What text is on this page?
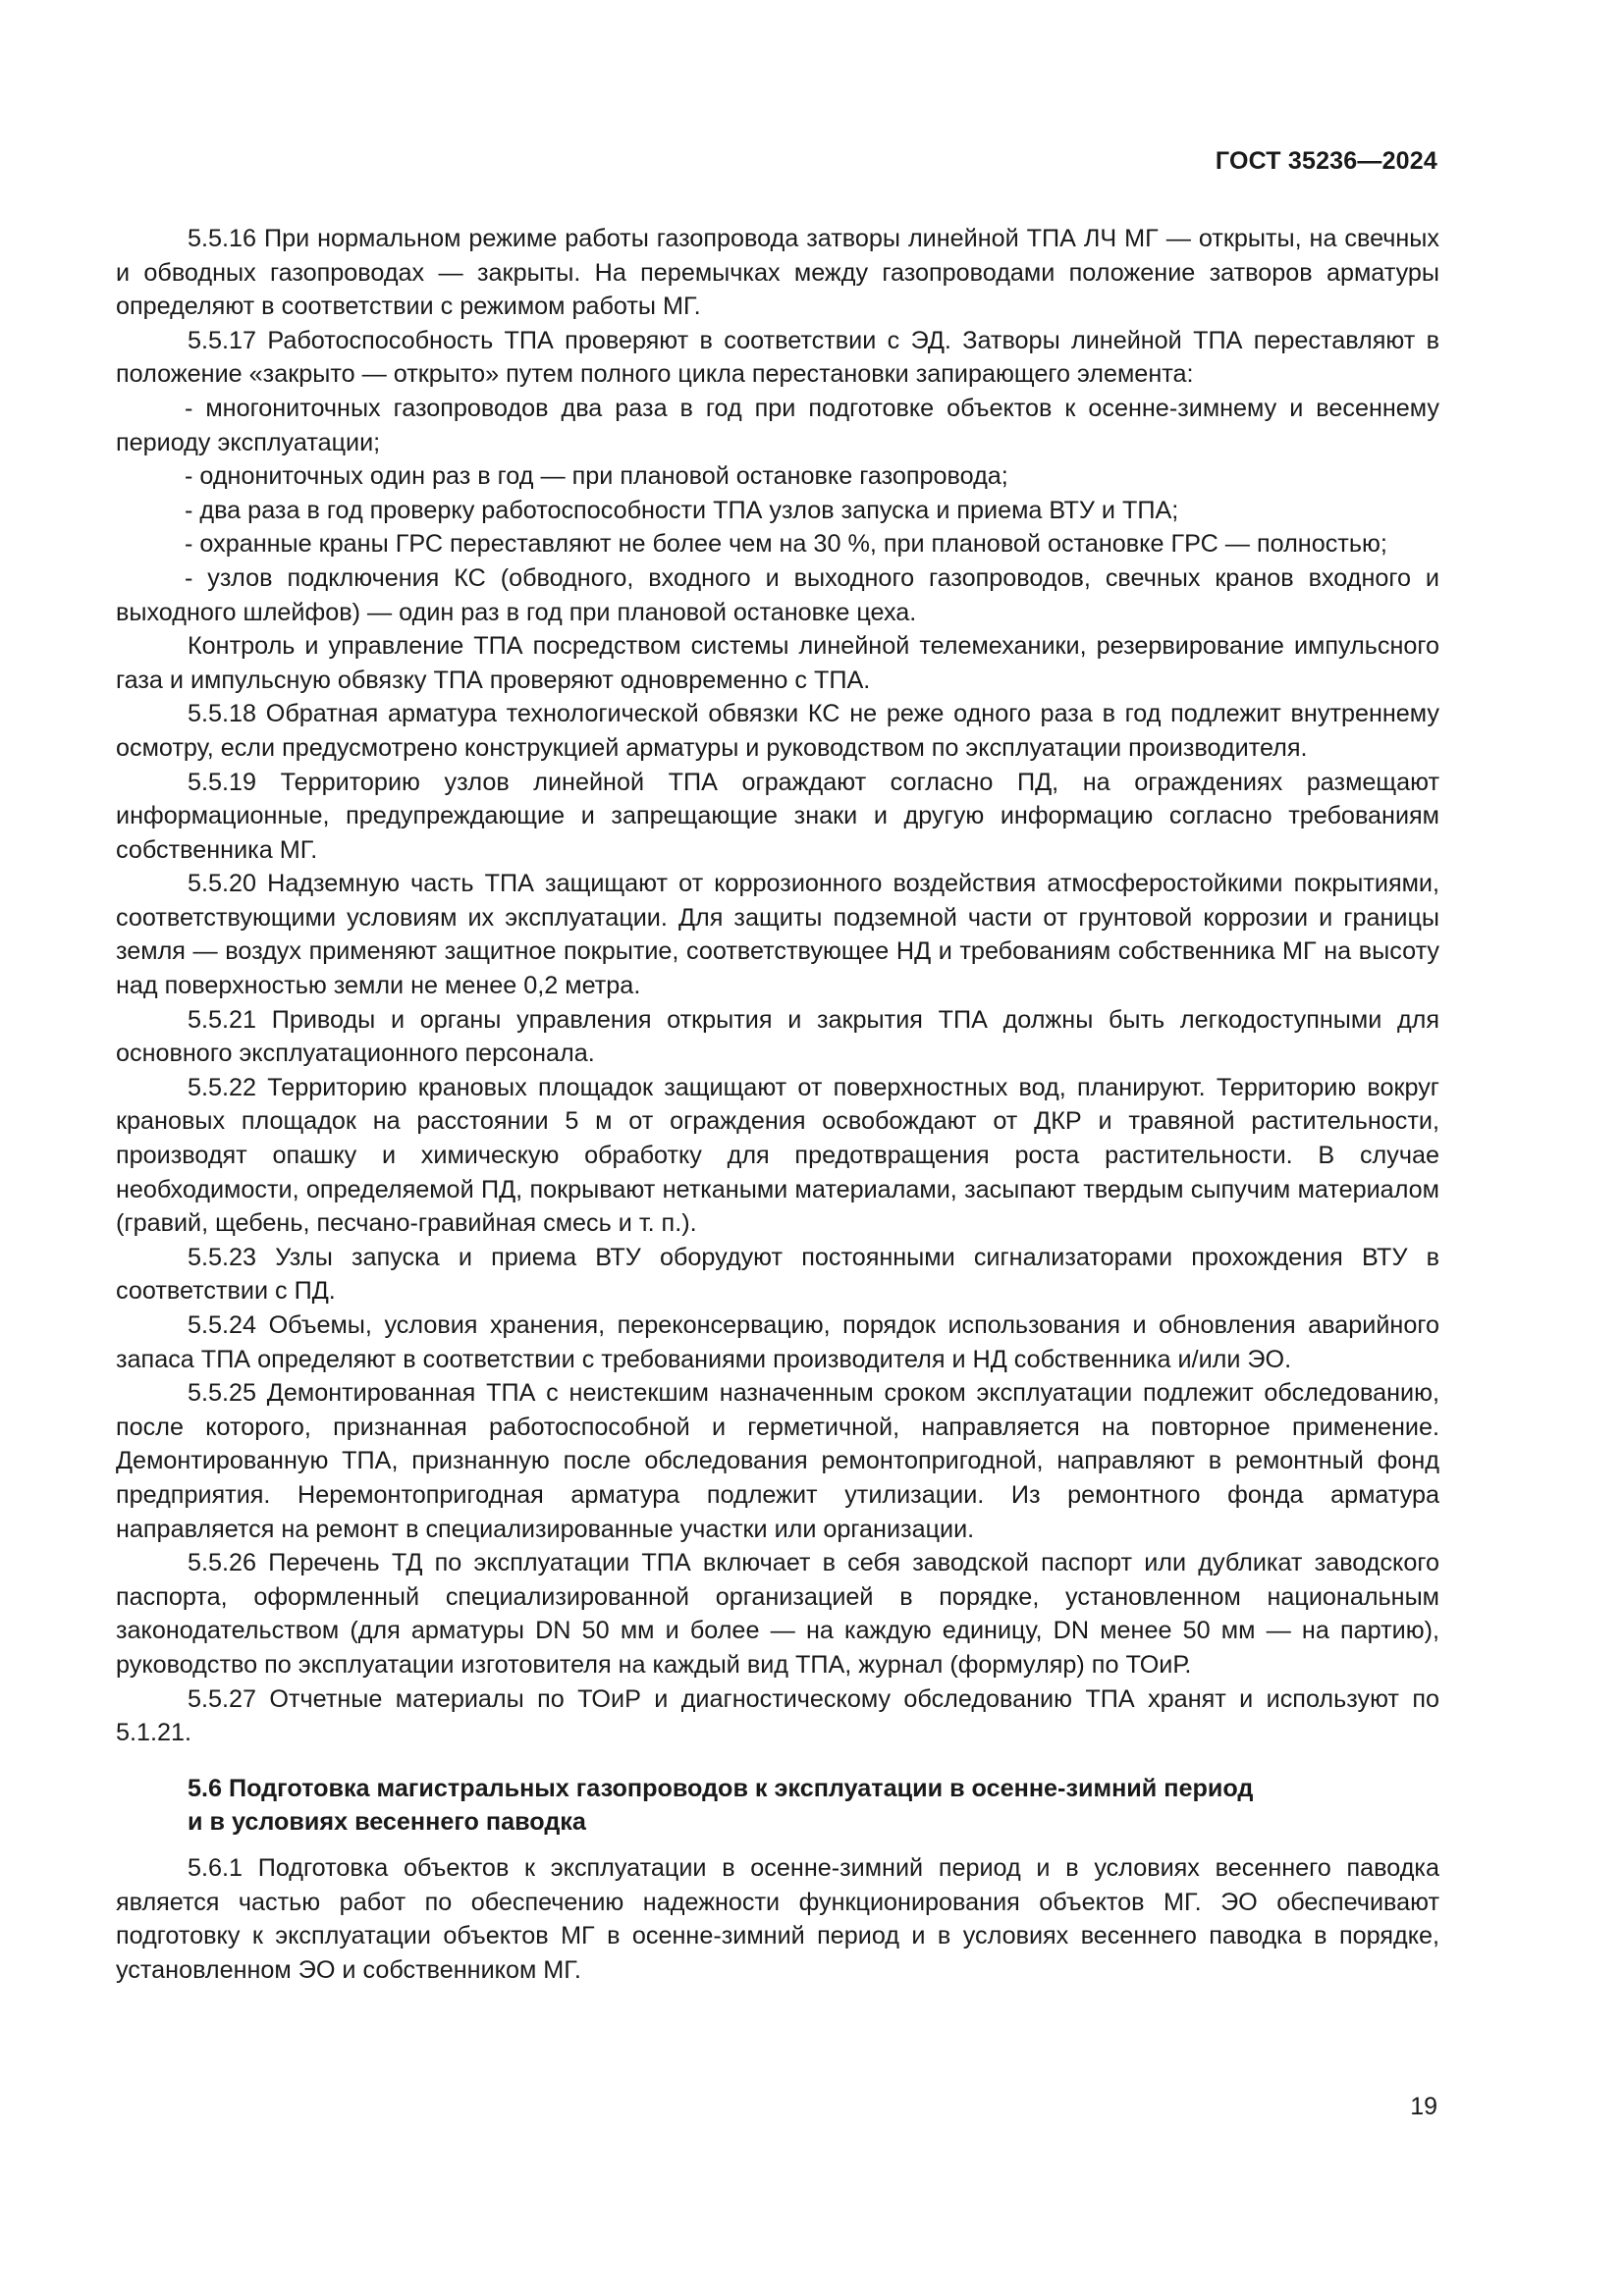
ГОСТ 35236—2024

5.5.16 При нормальном режиме работы газопровода затворы линейной ТПА ЛЧ МГ — открыты, на свечных и обводных газопроводах — закрыты. На перемычках между газопроводами положение затворов арматуры определяют в соответствии с режимом работы МГ.

5.5.17 Работоспособность ТПА проверяют в соответствии с ЭД. Затворы линейной ТПА переставляют в положение «закрыто — открыто» путем полного цикла перестановки запирающего элемента:

- многониточных газопроводов два раза в год при подготовке объектов к осенне-зимнему и весеннему периоду эксплуатации;

- однониточных один раз в год — при плановой остановке газопровода;

- два раза в год проверку работоспособности ТПА узлов запуска и приема ВТУ и ТПА;

- охранные краны ГРС переставляют не более чем на 30 %, при плановой остановке ГРС — полностью;

- узлов подключения КС (обводного, входного и выходного газопроводов, свечных кранов входного и выходного шлейфов) — один раз в год при плановой остановке цеха.

Контроль и управление ТПА посредством системы линейной телемеханики, резервирование импульсного газа и импульсную обвязку ТПА проверяют одновременно с ТПА.

5.5.18 Обратная арматура технологической обвязки КС не реже одного раза в год подлежит внутреннему осмотру, если предусмотрено конструкцией арматуры и руководством по эксплуатации производителя.

5.5.19 Территорию узлов линейной ТПА ограждают согласно ПД, на ограждениях размещают информационные, предупреждающие и запрещающие знаки и другую информацию согласно требованиям собственника МГ.

5.5.20 Надземную часть ТПА защищают от коррозионного воздействия атмосферостойкими покрытиями, соответствующими условиям их эксплуатации. Для защиты подземной части от грунтовой коррозии и границы земля — воздух применяют защитное покрытие, соответствующее НД и требованиям собственника МГ на высоту над поверхностью земли не менее 0,2 метра.

5.5.21 Приводы и органы управления открытия и закрытия ТПА должны быть легкодоступными для основного эксплуатационного персонала.

5.5.22 Территорию крановых площадок защищают от поверхностных вод, планируют. Территорию вокруг крановых площадок на расстоянии 5 м от ограждения освобождают от ДКР и травяной растительности, производят опашку и химическую обработку для предотвращения роста растительности. В случае необходимости, определяемой ПД, покрывают неткаными материалами, засыпают твердым сыпучим материалом (гравий, щебень, песчано-гравийная смесь и т. п.).

5.5.23 Узлы запуска и приема ВТУ оборудуют постоянными сигнализаторами прохождения ВТУ в соответствии с ПД.

5.5.24 Объемы, условия хранения, переконсервацию, порядок использования и обновления аварийного запаса ТПА определяют в соответствии с требованиями производителя и НД собственника и/или ЭО.

5.5.25 Демонтированная ТПА с неистекшим назначенным сроком эксплуатации подлежит обследованию, после которого, признанная работоспособной и герметичной, направляется на повторное применение. Демонтированную ТПА, признанную после обследования ремонтопригодной, направляют в ремонтный фонд предприятия. Неремонтопригодная арматура подлежит утилизации. Из ремонтного фонда арматура направляется на ремонт в специализированные участки или организации.

5.5.26 Перечень ТД по эксплуатации ТПА включает в себя заводской паспорт или дубликат заводского паспорта, оформленный специализированной организацией в порядке, установленном национальным законодательством (для арматуры DN 50 мм и более — на каждую единицу, DN менее 50 мм — на партию), руководство по эксплуатации изготовителя на каждый вид ТПА, журнал (формуляр) по ТОиР.

5.5.27 Отчетные материалы по ТОиР и диагностическому обследованию ТПА хранят и используют по 5.1.21.

5.6 Подготовка магистральных газопроводов к эксплуатации в осенне-зимний период
и в условиях весеннего паводка

5.6.1 Подготовка объектов к эксплуатации в осенне-зимний период и в условиях весеннего паводка является частью работ по обеспечению надежности функционирования объектов МГ. ЭО обеспечивают подготовку к эксплуатации объектов МГ в осенне-зимний период и в условиях весеннего паводка в порядке, установленном ЭО и собственником МГ.

19
